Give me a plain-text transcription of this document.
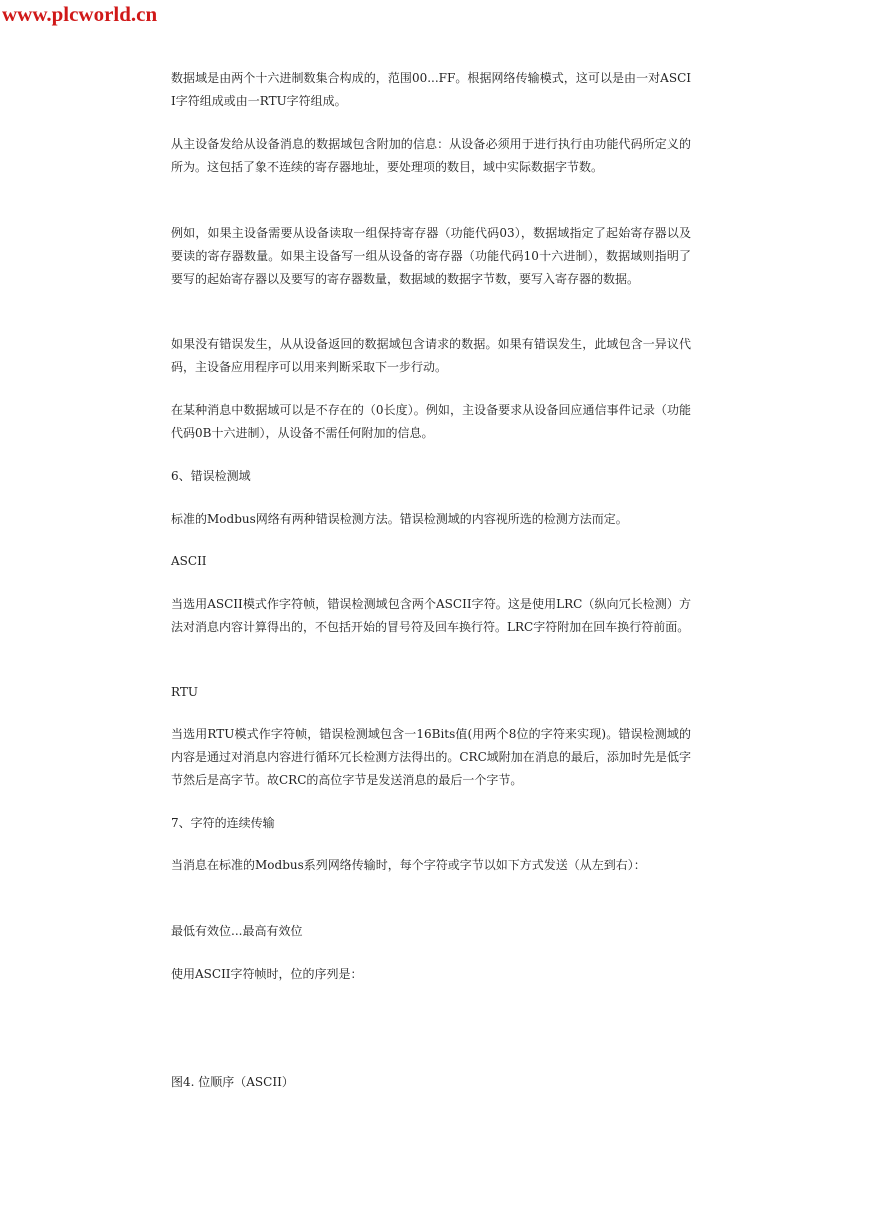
www.plcworld.cn

数据域是由两个十六进制数集合构成的，范围00...FF。根据网络传输模式，这可以是由一对ASCII字符组成或由一RTU字符组成。

从主设备发给从设备消息的数据域包含附加的信息：从设备必须用于进行执行由功能代码所定义的所为。这包括了象不连续的寄存器地址，要处理项的数目，域中实际数据字节数。

例如，如果主设备需要从设备读取一组保持寄存器（功能代码03），数据域指定了起始寄存器以及要读的寄存器数量。如果主设备写一组从设备的寄存器（功能代码10十六进制），数据域则指明了要写的起始寄存器以及要写的寄存器数量，数据域的数据字节数，要写入寄存器的数据。

如果没有错误发生，从从设备返回的数据域包含请求的数据。如果有错误发生，此域包含一异议代码，主设备应用程序可以用来判断采取下一步行动。

在某种消息中数据域可以是不存在的（0长度）。例如，主设备要求从设备回应通信事件记录（功能代码0B十六进制），从设备不需任何附加的信息。

6、错误检测域

标准的Modbus网络有两种错误检测方法。错误检测域的内容视所选的检测方法而定。

ASCII

当选用ASCII模式作字符帧，错误检测域包含两个ASCII字符。这是使用LRC（纵向冗长检测）方法对消息内容计算得出的，不包括开始的冒号符及回车换行符。LRC字符附加在回车换行符前面。

RTU

当选用RTU模式作字符帧，错误检测域包含一16Bits值(用两个8位的字符来实现)。错误检测域的内容是通过对消息内容进行循环冗长检测方法得出的。CRC域附加在消息的最后，添加时先是低字节然后是高字节。故CRC的高位字节是发送消息的最后一个字节。

7、字符的连续传输

当消息在标准的Modbus系列网络传输时，每个字符或字节以如下方式发送（从左到右）：

最低有效位...最高有效位

使用ASCII字符帧时，位的序列是：

图4. 位顺序（ASCII）
